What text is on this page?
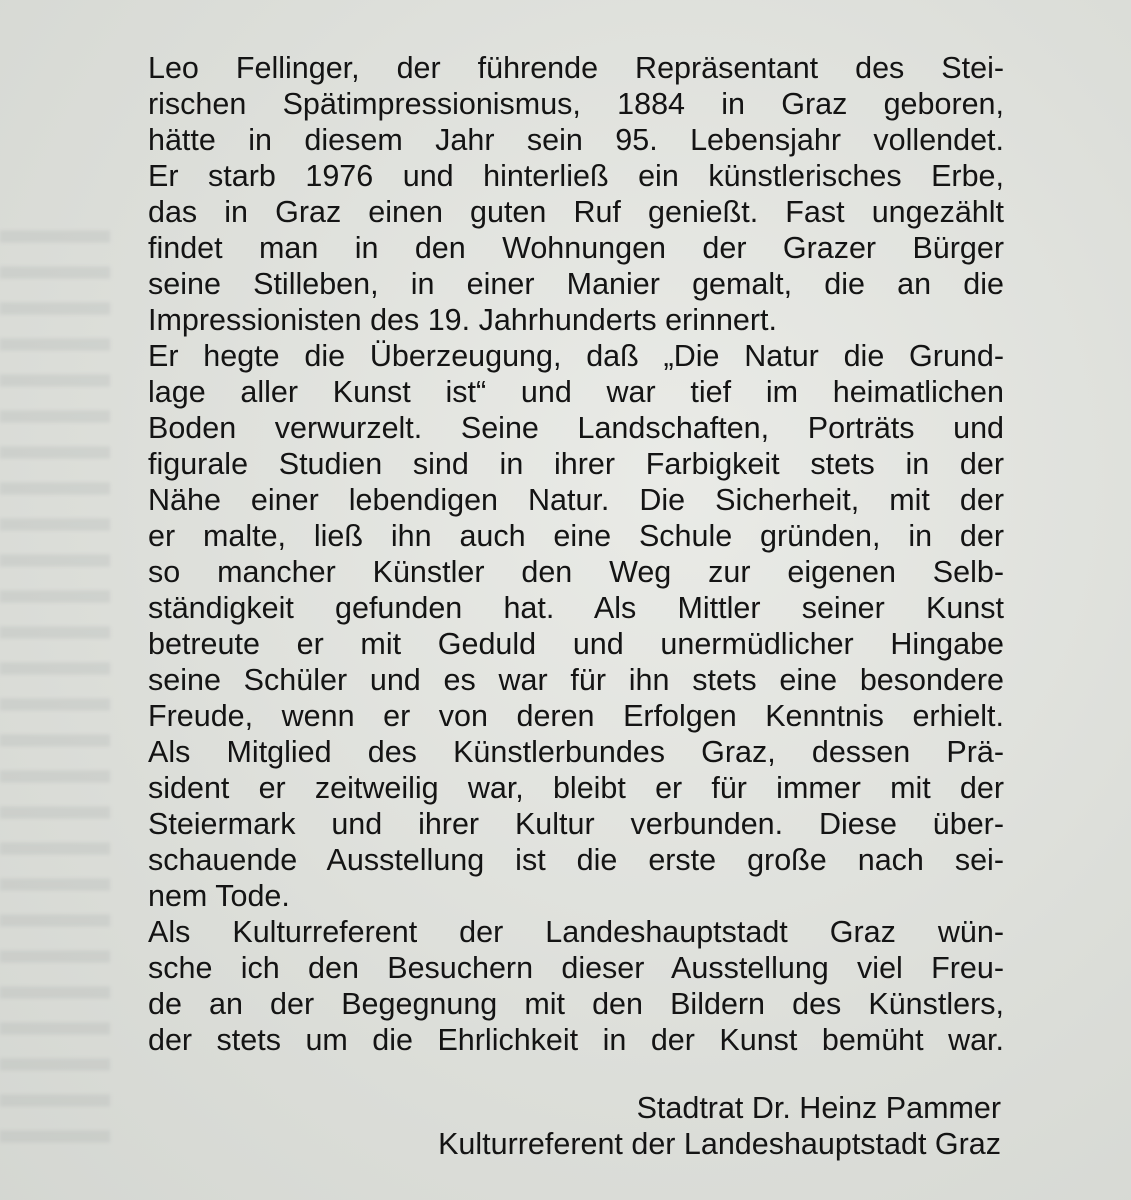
Leo Fellinger, der führende Repräsentant des Stei-
rischen Spätimpressionismus, 1884 in Graz geboren,
hätte in diesem Jahr sein 95. Lebensjahr vollendet.
Er starb 1976 und hinterließ ein künstlerisches Erbe,
das in Graz einen guten Ruf genießt. Fast ungezählt
findet man in den Wohnungen der Grazer Bürger
seine Stilleben, in einer Manier gemalt, die an die
Impressionisten des 19. Jahrhunderts erinnert.
Er hegte die Überzeugung, daß „Die Natur die Grund-
lage aller Kunst ist“ und war tief im heimatlichen
Boden verwurzelt. Seine Landschaften, Porträts und
figurale Studien sind in ihrer Farbigkeit stets in der
Nähe einer lebendigen Natur. Die Sicherheit, mit der
er malte, ließ ihn auch eine Schule gründen, in der
so mancher Künstler den Weg zur eigenen Selb-
ständigkeit gefunden hat. Als Mittler seiner Kunst
betreute er mit Geduld und unermüdlicher Hingabe
seine Schüler und es war für ihn stets eine besondere
Freude, wenn er von deren Erfolgen Kenntnis erhielt.
Als Mitglied des Künstlerbundes Graz, dessen Prä-
sident er zeitweilig war, bleibt er für immer mit der
Steiermark und ihrer Kultur verbunden. Diese über-
schauende Ausstellung ist die erste große nach sei-
nem Tode.
Als Kulturreferent der Landeshauptstadt Graz wün-
sche ich den Besuchern dieser Ausstellung viel Freu-
de an der Begegnung mit den Bildern des Künstlers,
der stets um die Ehrlichkeit in der Kunst bemüht war.
Stadtrat Dr. Heinz Pammer
Kulturreferent der Landeshauptstadt Graz
